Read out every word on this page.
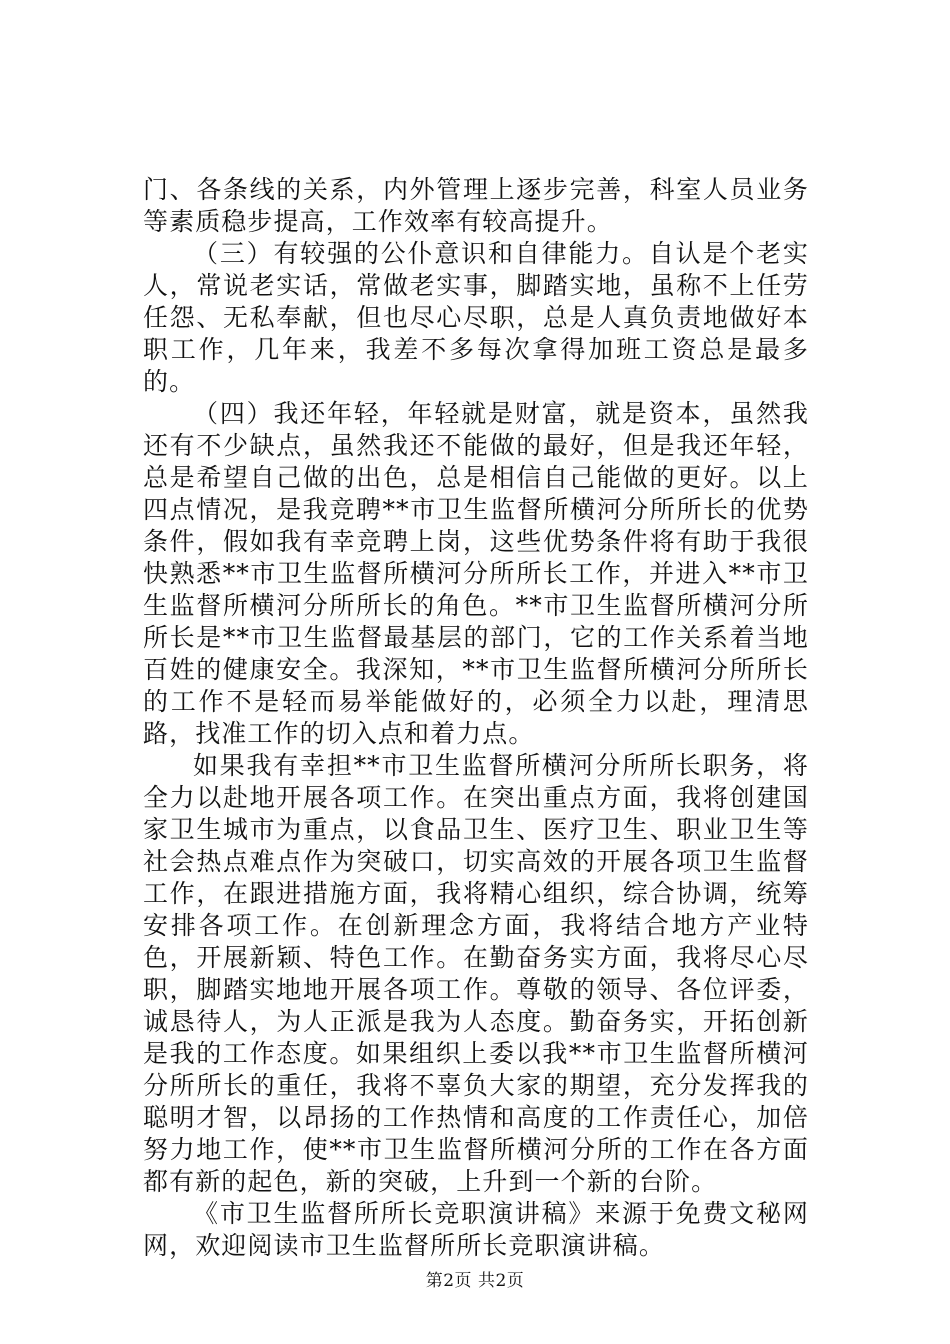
门、各条线的关系，内外管理上逐步完善，科室人员业务等素质稳步提高，工作效率有较高提升。

（三）有较强的公仆意识和自律能力。自认是个老实人，常说老实话，常做老实事，脚踏实地，虽称不上任劳任怨、无私奉献，但也尽心尽职，总是人真负责地做好本职工作，几年来，我差不多每次拿得加班工资总是最多的。

（四）我还年轻，年轻就是财富，就是资本，虽然我还有不少缺点，虽然我还不能做的最好，但是我还年轻，总是希望自己做的出色，总是相信自己能做的更好。以上四点情况，是我竞聘**市卫生监督所横河分所所长的优势条件，假如我有幸竞聘上岗，这些优势条件将有助于我很快熟悉**市卫生监督所横河分所所长工作，并进入**市卫生监督所横河分所所长的角色。**市卫生监督所横河分所所长是**市卫生监督最基层的部门，它的工作关系着当地百姓的健康安全。我深知，**市卫生监督所横河分所所长的工作不是轻而易举能做好的，必须全力以赴，理清思路，找准工作的切入点和着力点。

如果我有幸担**市卫生监督所横河分所所长职务，将全力以赴地开展各项工作。在突出重点方面，我将创建国家卫生城市为重点，以食品卫生、医疗卫生、职业卫生等社会热点难点作为突破口，切实高效的开展各项卫生监督工作，在跟进措施方面，我将精心组织，综合协调，统筹安排各项工作。在创新理念方面，我将结合地方产业特色，开展新颖、特色工作。在勤奋务实方面，我将尽心尽职，脚踏实地地开展各项工作。尊敬的领导、各位评委，诚恳待人，为人正派是我为人态度。勤奋务实，开拓创新是我的工作态度。如果组织上委以我**市卫生监督所横河分所所长的重任，我将不辜负大家的期望，充分发挥我的聪明才智，以昂扬的工作热情和高度的工作责任心，加倍努力地工作，使**市卫生监督所横河分所的工作在各方面都有新的起色，新的突破，上升到一个新的台阶。

《市卫生监督所所长竞职演讲稿》来源于免费文秘网网，欢迎阅读市卫生监督所所长竞职演讲稿。

第2页 共2页
